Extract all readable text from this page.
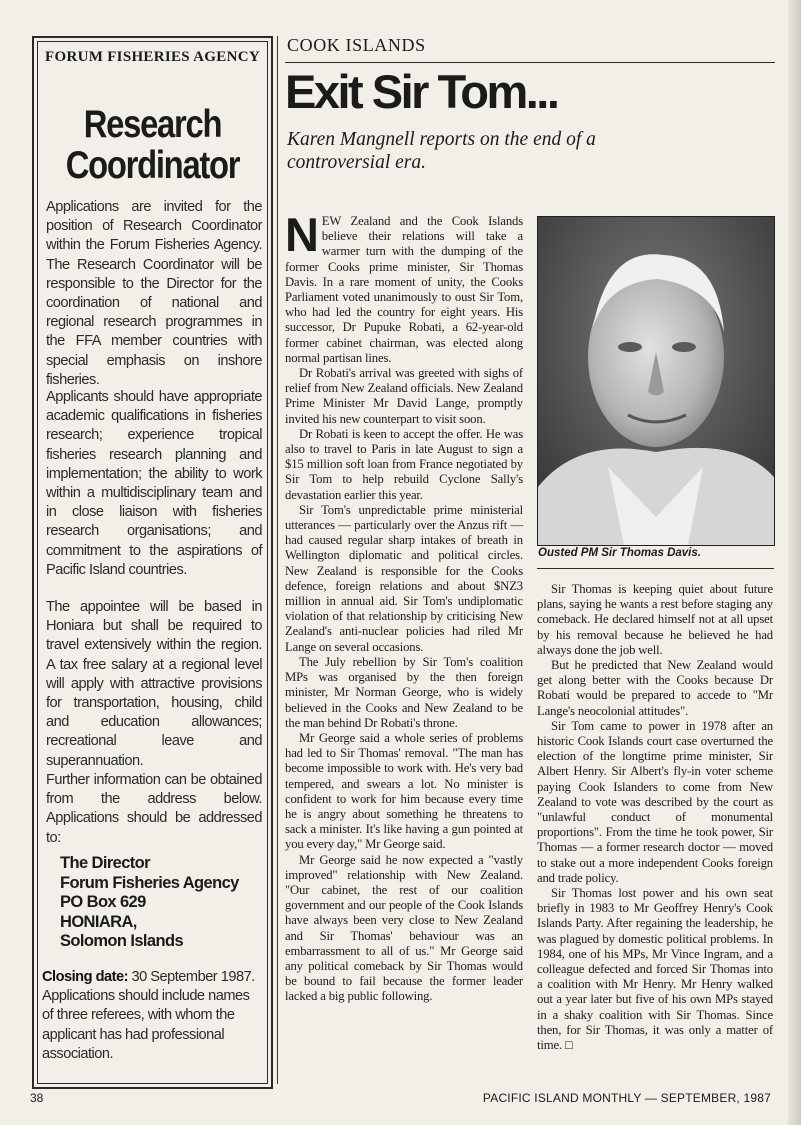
FORUM FISHERIES AGENCY
Research
Coordinator
Applications are invited for the position of Research Coordinator within the Forum Fisheries Agency. The Research Coordinator will be responsible to the Director for the coordination of national and regional research programmes in the FFA member countries with special emphasis on inshore fisheries.
Applicants should have appropriate academic qualifications in fisheries research; experience tropical fisheries research planning and implementation; the ability to work within a multidisciplinary team and in close liaison with fisheries research organisations; and commitment to the aspirations of Pacific Island countries.
The appointee will be based in Honiara but shall be required to travel extensively within the region. A tax free salary at a regional level will apply with attractive provisions for transportation, housing, child and education allowances; recreational leave and superannuation.
Further information can be obtained from the address below. Applications should be addressed to:
The Director
Forum Fisheries Agency
PO Box 629
HONIARA,
Solomon Islands
Closing date: 30 September 1987. Applications should include names of three referees, with whom the applicant has had professional association.
COOK ISLANDS
Exit Sir Tom...
Karen Mangnell reports on the end of a controversial era.

NEW Zealand and the Cook Islands believe their relations will take a warmer turn with the dumping of the former Cooks prime minister, Sir Thomas Davis. In a rare moment of unity, the Cooks Parliament voted unanimously to oust Sir Tom, who had led the country for eight years. His successor, Dr Pupuke Robati, a 62-year-old former cabinet chairman, was elected along normal partisan lines.

Dr Robati's arrival was greeted with sighs of relief from New Zealand officials. New Zealand Prime Minister Mr David Lange, promptly invited his new counterpart to visit soon.

Dr Robati is keen to accept the offer. He was also to travel to Paris in late August to sign a $15 million soft loan from France negotiated by Sir Tom to help rebuild Cyclone Sally's devastation earlier this year.

Sir Tom's unpredictable prime ministerial utterances — particularly over the Anzus rift — had caused regular sharp intakes of breath in Wellington diplomatic and political circles. New Zealand is responsible for the Cooks defence, foreign relations and about $NZ3 million in annual aid. Sir Tom's undiplomatic violation of that relationship by criticising New Zealand's anti-nuclear policies had riled Mr Lange on several occasions.

The July rebellion by Sir Tom's coalition MPs was organised by the then foreign minister, Mr Norman George, who is widely believed in the Cooks and New Zealand to be the man behind Dr Robati's throne.

Mr George said a whole series of problems had led to Sir Thomas' removal. "The man has become impossible to work with. He's very bad tempered, and swears a lot. No minister is confident to work for him because every time he is angry about something he threatens to sack a minister. It's like having a gun pointed at you every day," Mr George said.

Mr George said he now expected a "vastly improved" relationship with New Zealand. "Our cabinet, the rest of our coalition government and our people of the Cook Islands have always been very close to New Zealand and Sir Thomas' behaviour was an embarrassment to all of us." Mr George said any political comeback by Sir Thomas would be bound to fail because the former leader lacked a big public following.

Ousted PM Sir Thomas Davis.

Sir Thomas is keeping quiet about future plans, saying he wants a rest before staging any comeback. He declared himself not at all upset by his removal because he believed he had always done the job well.

But he predicted that New Zealand would get along better with the Cooks because Dr Robati would be prepared to accede to "Mr Lange's neocolonial attitudes".

Sir Tom came to power in 1978 after an historic Cook Islands court case overturned the election of the longtime prime minister, Sir Albert Henry. Sir Albert's fly-in voter scheme paying Cook Islanders to come from New Zealand to vote was described by the court as "unlawful conduct of monumental proportions". From the time he took power, Sir Thomas — a former research doctor — moved to stake out a more independent Cooks foreign and trade policy.

Sir Thomas lost power and his own seat briefly in 1983 to Mr Geoffrey Henry's Cook Islands Party. After regaining the leadership, he was plagued by domestic political problems. In 1984, one of his MPs, Mr Vince Ingram, and a colleague defected and forced Sir Thomas into a coalition with Mr Henry. Mr Henry walked out a year later but five of his own MPs stayed in a shaky coalition with Sir Thomas. Since then, for Sir Thomas, it was only a matter of time. □

38	PACIFIC ISLAND MONTHLY — SEPTEMBER, 1987
